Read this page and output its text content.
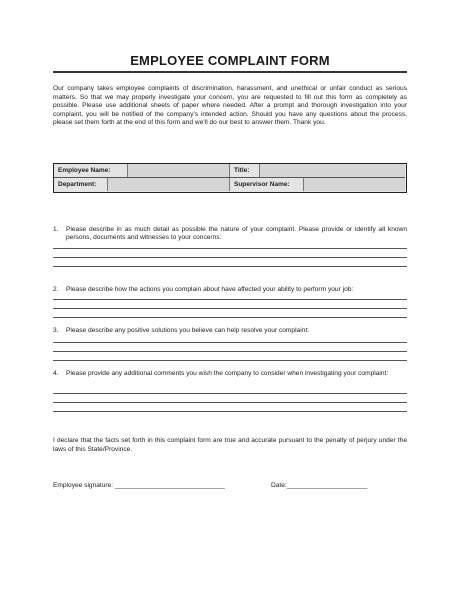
EMPLOYEE COMPLAINT FORM
Our company takes employee complaints of discrimination, harassment, and unethical or unfair conduct as serious matters. So that we may properly investigate your concern, you are requested to fill out this form as completely as possible. Please use additional sheets of paper where needed. After a prompt and thorough investigation into your complaint, you will be notified of the company’s intended action. Should you have any questions about the process, please set them forth at the end of this form and we’ll do our best to answer them. Thank you.
Employee Name:	Title:
Department:	Supervisor Name:
1. Please describe in as much detail as possible the nature of your complaint. Please provide or identify all known persons, documents and witnesses to your concerns:
2. Please describe how the actions you complain about have affected your ability to perform your job:
3. Please describe any positive solutions you believe can help resolve your complaint:
4. Please provide any additional comments you wish the company to consider when investigating your complaint:
I declare that the facts set forth in this complaint form are true and accurate pursuant to the penalty of perjury under the laws of this State/Province.
Employee signature: ______________________________	Date:______________________
